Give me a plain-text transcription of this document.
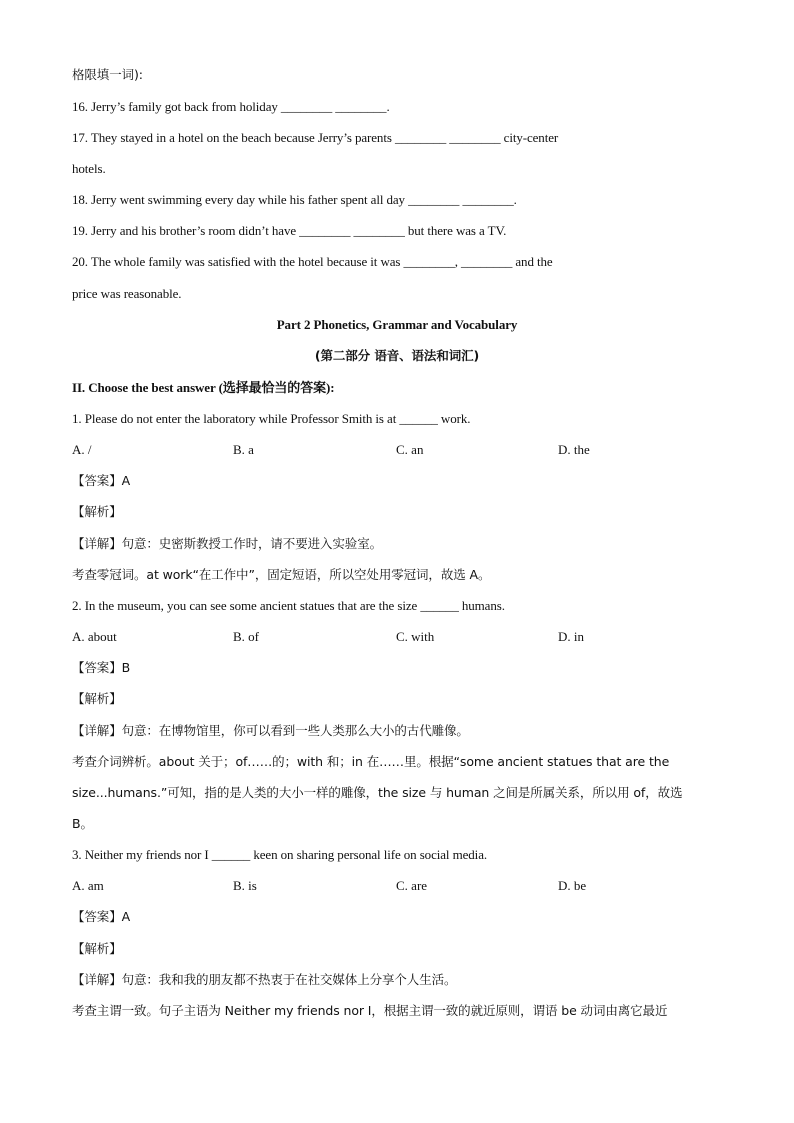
格限填一词):
16. Jerry’s family got back from holiday ________ ________.
17. They stayed in a hotel on the beach because Jerry’s parents ________ ________ city-center
hotels.
18. Jerry went swimming every day while his father spent all day ________ ________.
19. Jerry and his brother’s room didn’t have ________ ________ but there was a TV.
20. The whole family was satisfied with the hotel because it was ________, ________ and the
price was reasonable.
Part 2 Phonetics, Grammar and Vocabulary
(第二部分 语音、语法和词汇)
II. Choose the best answer (选择最恰当的答案):
1. Please do not enter the laboratory while Professor Smith is at ______ work.
A. /	B. a	C. an	D. the
【答案】A
【解析】
【详解】句意：史密斯教授工作时，请不要进入实验室。
考查零冠词。at work“在工作中”，固定短语，所以空处用零冠词，故选 A。
2. In the museum, you can see some ancient statues that are the size ______ humans.
A. about	B. of	C. with	D. in
【答案】B
【解析】
【详解】句意：在博物馆里，你可以看到一些人类那么大小的古代雕像。
考查介词辨析。about 关于；of……的；with 和；in 在……里。根据“some ancient statues that are the
size...humans.”可知，指的是人类的大小一样的雕像，the size 与 human 之间是所属关系，所以用 of，故选
B。
3. Neither my friends nor I ______ keen on sharing personal life on social media.
A. am	B. is	C. are	D. be
【答案】A
【解析】
【详解】句意：我和我的朋友都不热衷于在社交媒体上分享个人生活。
考查主谓一致。句子主语为 Neither my friends nor I，根据主谓一致的就近原则，谓语 be 动词由离它最近
